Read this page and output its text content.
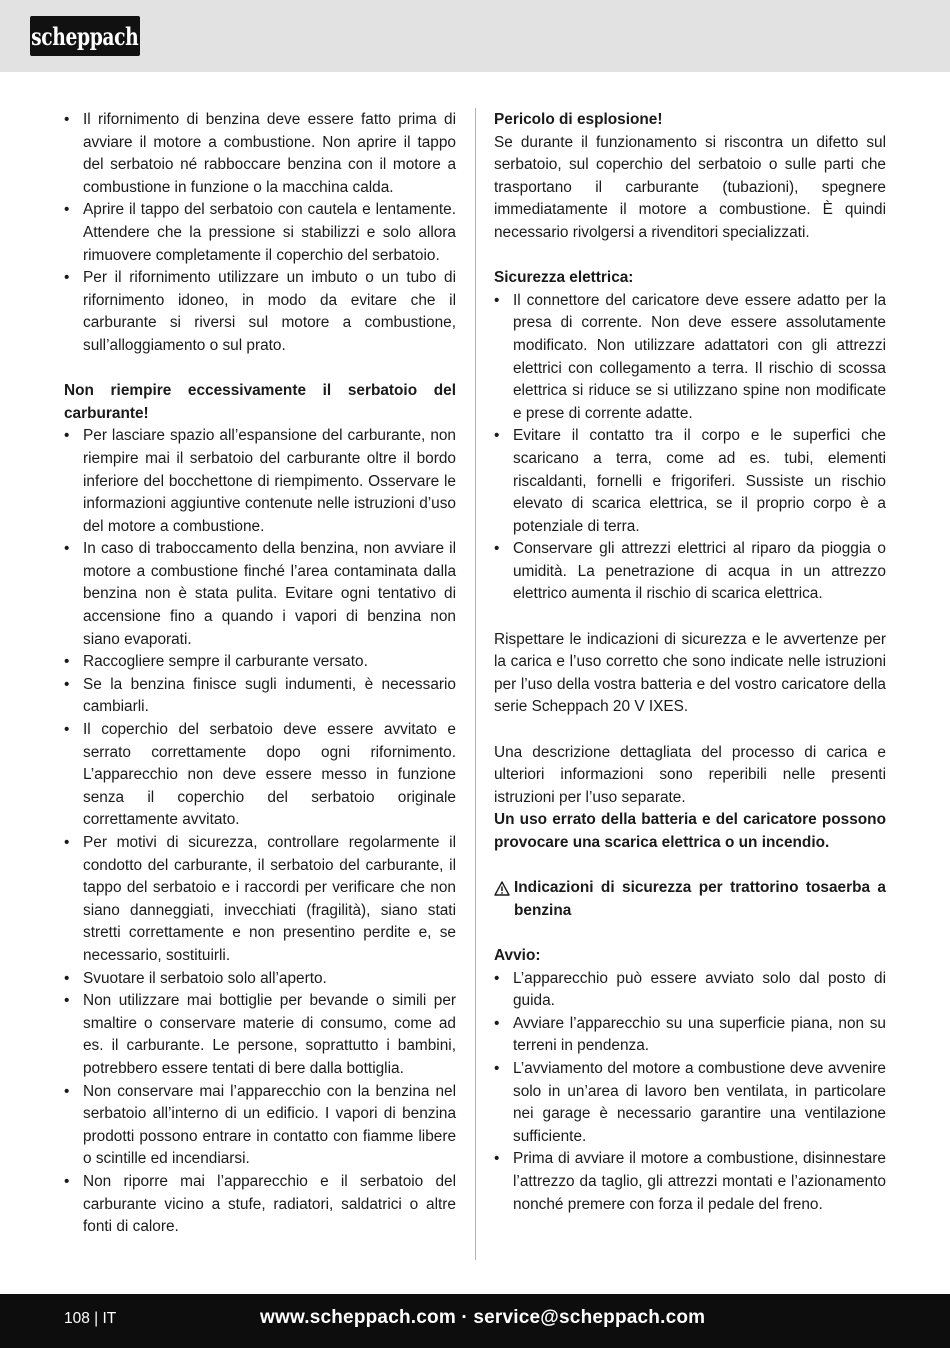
scheppach
• Il rifornimento di benzina deve essere fatto prima di avviare il motore a combustione. Non aprire il tappo del serbatoio né rabboccare benzina con il motore a combustione in funzione o la macchina calda.
• Aprire il tappo del serbatoio con cautela e lentamente. Attendere che la pressione si stabilizzi e solo allora rimuovere completamente il coperchio del serbatoio.
• Per il rifornimento utilizzare un imbuto o un tubo di rifornimento idoneo, in modo da evitare che il carburante si riversi sul motore a combustione, sull’alloggiamento o sul prato.

Non riempire eccessivamente il serbatoio del carburante!

• Per lasciare spazio all’espansione del carburante, non riempire mai il serbatoio del carburante oltre il bordo inferiore del bocchettone di riempimento. Osservare le informazioni aggiuntive contenute nelle istruzioni d’uso del motore a combustione.
• In caso di traboccamento della benzina, non avviare il motore a combustione finché l’area contaminata dalla benzina non è stata pulita. Evitare ogni tentativo di accensione fino a quando i vapori di benzina non siano evaporati.
• Raccogliere sempre il carburante versato.
• Se la benzina finisce sugli indumenti, è necessario cambiarli.
• Il coperchio del serbatoio deve essere avvitato e serrato correttamente dopo ogni rifornimento. L’apparecchio non deve essere messo in funzione senza il coperchio del serbatoio originale correttamente avvitato.
• Per motivi di sicurezza, controllare regolarmente il condotto del carburante, il serbatoio del carburante, il tappo del serbatoio e i raccordi per verificare che non siano danneggiati, invecchiati (fragilità), siano stati stretti correttamente e non presentino perdite e, se necessario, sostituirli.
• Svuotare il serbatoio solo all’aperto.
• Non utilizzare mai bottiglie per bevande o simili per smaltire o conservare materie di consumo, come ad es. il carburante. Le persone, soprattutto i bambini, potrebbero essere tentati di bere dalla bottiglia.
• Non conservare mai l’apparecchio con la benzina nel serbatoio all’interno di un edificio. I vapori di benzina prodotti possono entrare in contatto con fiamme libere o scintille ed incendiarsi.
• Non riporre mai l’apparecchio e il serbatoio del carburante vicino a stufe, radiatori, saldatrici o altre fonti di calore.

Pericolo di esplosione!

Se durante il funzionamento si riscontra un difetto sul serbatoio, sul coperchio del serbatoio o sulle parti che trasportano il carburante (tubazioni), spegnere immediatamente il motore a combustione. È quindi necessario rivolgersi a rivenditori specializzati.

Sicurezza elettrica:

• Il connettore del caricatore deve essere adatto per la presa di corrente. Non deve essere assolutamente modificato. Non utilizzare adattatori con gli attrezzi elettrici con collegamento a terra. Il rischio di scossa elettrica si riduce se si utilizzano spine non modificate e prese di corrente adatte.
• Evitare il contatto tra il corpo e le superfici che scaricano a terra, come ad es. tubi, elementi riscaldanti, fornelli e frigoriferi. Sussiste un rischio elevato di scarica elettrica, se il proprio corpo è a potenziale di terra.
• Conservare gli attrezzi elettrici al riparo da pioggia o umidità. La penetrazione di acqua in un attrezzo elettrico aumenta il rischio di scarica elettrica.

Rispettare le indicazioni di sicurezza e le avvertenze per la carica e l’uso corretto che sono indicate nelle istruzioni per l’uso della vostra batteria e del vostro caricatore della serie Scheppach 20 V IXES.

Una descrizione dettagliata del processo di carica e ulteriori informazioni sono reperibili nelle presenti istruzioni per l’uso separate.

Un uso errato della batteria e del caricatore possono provocare una scarica elettrica o un incendio.

Indicazioni di sicurezza per trattorino tosaerba a benzina

Avvio:

• L’apparecchio può essere avviato solo dal posto di guida.
• Avviare l’apparecchio su una superficie piana, non su terreni in pendenza.
• L’avviamento del motore a combustione deve avvenire solo in un’area di lavoro ben ventilata, in particolare nei garage è necessario garantire una ventilazione sufficiente.
• Prima di avviare il motore a combustione, disinnestare l’attrezzo da taglio, gli attrezzi montati e l’azionamento nonché premere con forza il pedale del freno.
108 | IT	www.scheppach.com · service@scheppach.com
